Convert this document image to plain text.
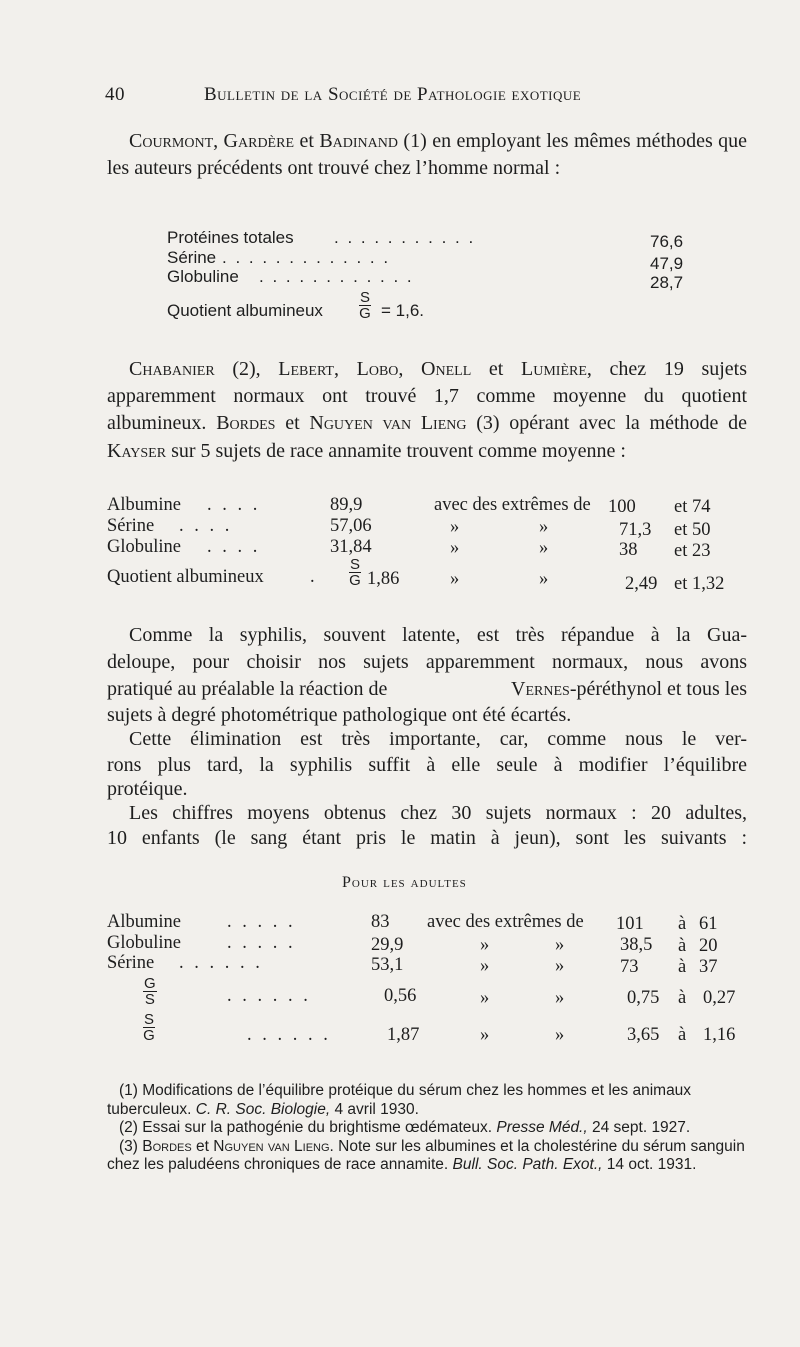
40	Bulletin de la Société de Pathologie exotique

Courmont, Gardère et Badinand (1) en employant les mêmes méthodes que les auteurs précédents ont trouvé chez l’homme normal :

Protéines totales . . . . . . . . . . .	76,6
Sérine . . . . . . . . . . . . .	47,9
Globuline . . . . . . . . . . . .	28,7
Quotient albumineux $\frac{S}{G} = 1,6$.

Chabanier (2), Lebert, Lobo, Onell et Lumière, chez 19 sujets apparemment normaux ont trouvé 1,7 comme moyenne du quotient albumineux. Bordes et Nguyen van Lieng (3) opérant avec la méthode de Kayser sur 5 sujets de race annamite trouvent comme moyenne :

Albumine . . . .	89,9	avec des extrêmes de 100 et 74
Sérine . . . .	57,06	»	»	71,3 et 50
Globuline . . . .	31,84	»	»	38 et 23
Quotient albumineux	. $\frac{S}{G} 1,86$	»	»	2,49 et 1,32
Comme la syphilis, souvent latente, est très répandue à la Gua-
deloupe, pour choisir nos sujets apparemment normaux, nous avons
pratiqué au préalable la réaction de	Vernes-péréthynol et tous les
sujets à degré photométrique pathologique ont été écartés.
Cette élimination est très importante, car, comme nous le ver-
rons plus tard, la syphilis suffit à elle seule à modifier l’équilibre
protéique.
Les chiffres moyens obtenus chez 30 sujets normaux : 20 adultes,
10 enfants (le sang étant pris le matin à jeun), sont les suivants :
Pour les adultes
Albumine . . . . .	83 avec des extrêmes de 101 à 61
Globuline . . . . .	29,9	»	»	38,5 à 20
Sérine . . . . . .	53,1	»	»	73 à 37
$\frac{G}{S}$	. . . . . .	0,56	»	»	0,75 à 0,27
$\frac{S}{G}$	. . . . . .	1,87	»	»	3,65 à 1,16

(1) Modifications de l’équilibre protéique du sérum chez les hommes et les animaux tuberculeux. C. R. Soc. Biologie, 4 avril 1930.

(2) Essai sur la pathogénie du brightisme œdémateux. Presse Méd., 24 sept. 1927.

(3) Bordes et Nguyen van Lieng. Note sur les albumines et la cholestérine du sérum sanguin chez les paludéens chroniques de race annamite. Bull. Soc. Path. Exot., 14 oct. 1931.
